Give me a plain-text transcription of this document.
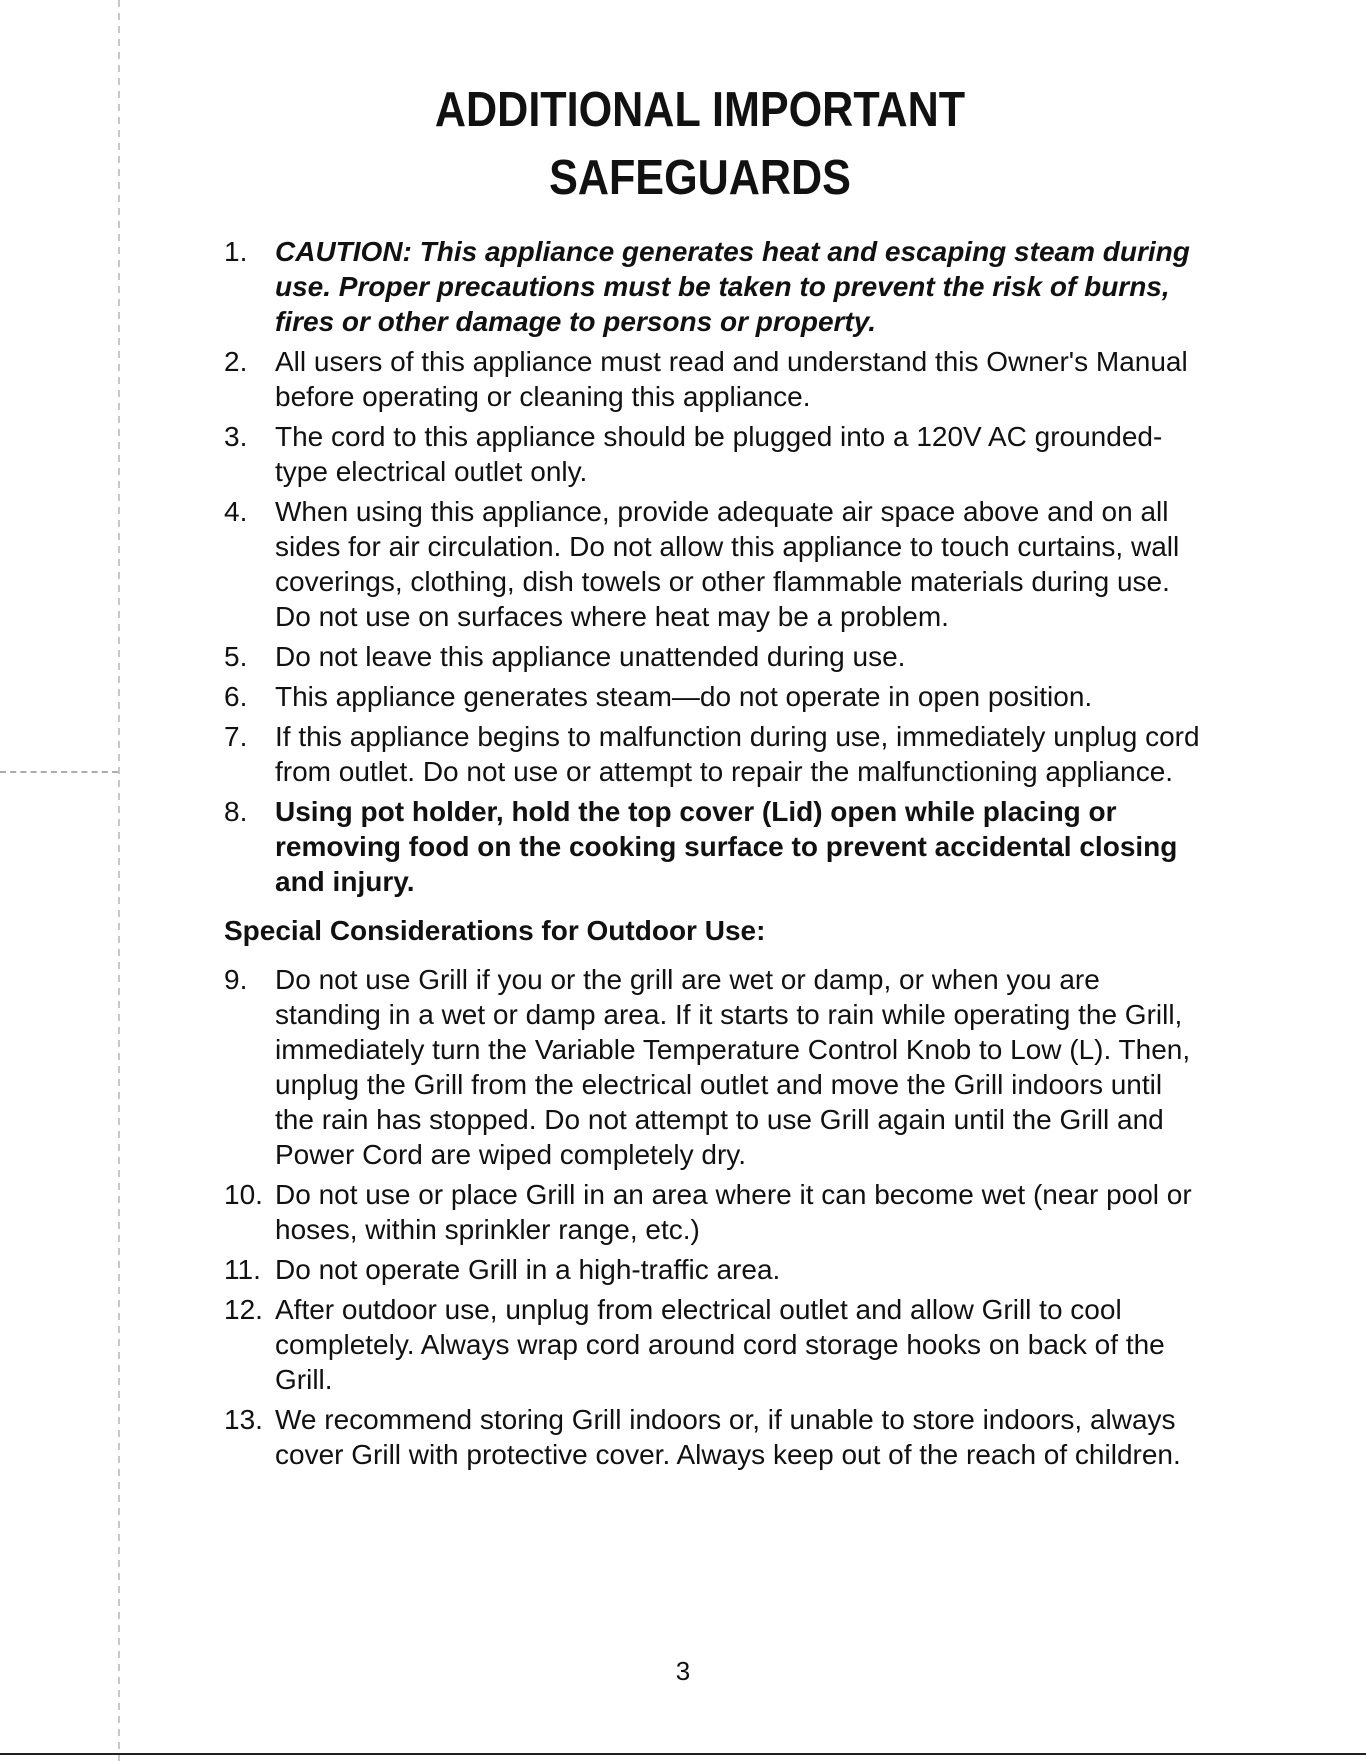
ADDITIONAL IMPORTANT
SAFEGUARDS
1. CAUTION: This appliance generates heat and escaping steam during use. Proper precautions must be taken to prevent the risk of burns, fires or other damage to persons or property.
2. All users of this appliance must read and understand this Owner's Manual before operating or cleaning this appliance.
3. The cord to this appliance should be plugged into a 120V AC grounded-type electrical outlet only.
4. When using this appliance, provide adequate air space above and on all sides for air circulation. Do not allow this appliance to touch curtains, wall coverings, clothing, dish towels or other flammable materials during use. Do not use on surfaces where heat may be a problem.
5. Do not leave this appliance unattended during use.
6. This appliance generates steam—do not operate in open position.
7. If this appliance begins to malfunction during use, immediately unplug cord from outlet. Do not use or attempt to repair the malfunctioning appliance.
8. Using pot holder, hold the top cover (Lid) open while placing or removing food on the cooking surface to prevent accidental closing and injury.
Special Considerations for Outdoor Use:
9. Do not use Grill if you or the grill are wet or damp, or when you are standing in a wet or damp area. If it starts to rain while operating the Grill, immediately turn the Variable Temperature Control Knob to Low (L). Then, unplug the Grill from the electrical outlet and move the Grill indoors until the rain has stopped. Do not attempt to use Grill again until the Grill and Power Cord are wiped completely dry.
10. Do not use or place Grill in an area where it can become wet (near pool or hoses, within sprinkler range, etc.)
11. Do not operate Grill in a high-traffic area.
12. After outdoor use, unplug from electrical outlet and allow Grill to cool completely. Always wrap cord around cord storage hooks on back of the Grill.
13. We recommend storing Grill indoors or, if unable to store indoors, always cover Grill with protective cover. Always keep out of the reach of children.
3
